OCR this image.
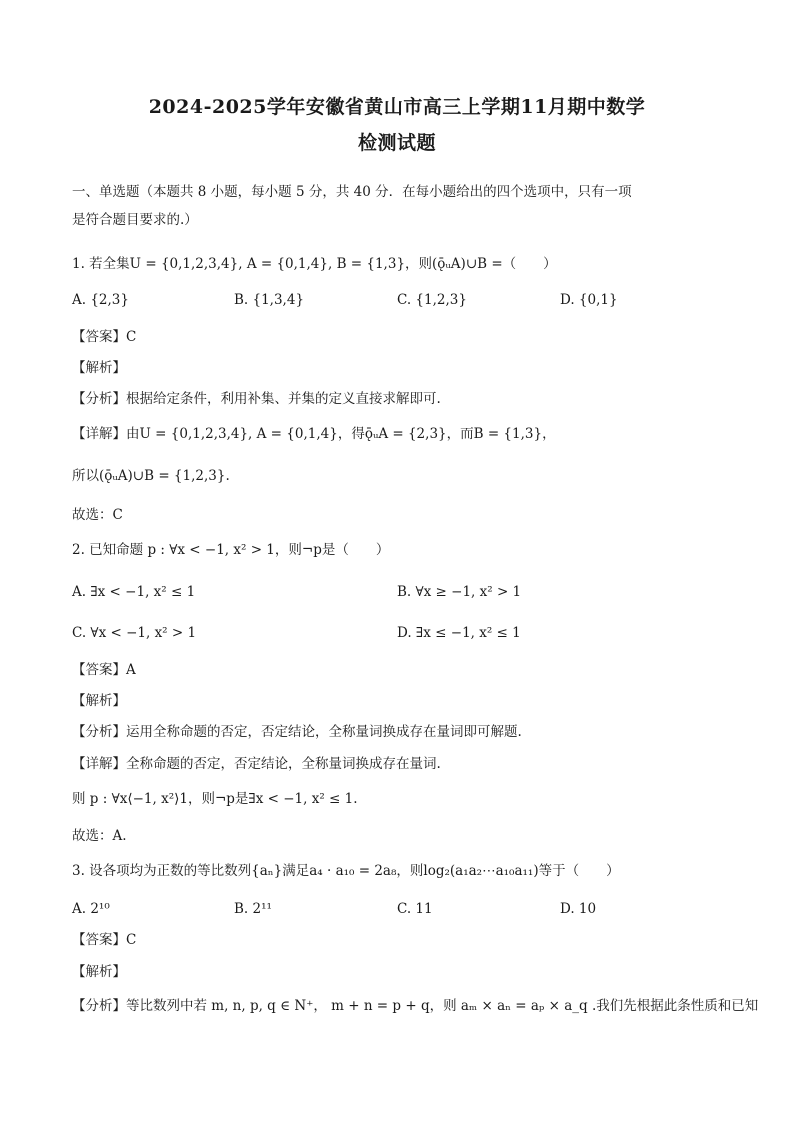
2024-2025学年安徽省黄山市高三上学期11月期中数学
检测试题
一、单选题（本题共 8 小题，每小题 5 分，共 40 分．在每小题给出的四个选项中，只有一项
是符合题目要求的.）
1. 若全集U = {0,1,2,3,4}, A = {0,1,4}, B = {1,3}，则(ǭᵤA)∪B =（　　）
A. {2,3}	B. {1,3,4}	C. {1,2,3}	D. {0,1}
【答案】C
【解析】
【分析】根据给定条件，利用补集、并集的定义直接求解即可.
【详解】由U = {0,1,2,3,4}, A = {0,1,4}，得ǭᵤA = {2,3}，而B = {1,3}，
所以(ǭᵤA)∪B = {1,2,3}.
故选：C
2. 已知命题 p : ∀x < −1, x² > 1，则¬p是（　　）
A. ∃x < −1, x² ≤ 1	B. ∀x ≥ −1, x² > 1
C. ∀x < −1, x² > 1	D. ∃x ≤ −1, x² ≤ 1
【答案】A
【解析】
【分析】运用全称命题的否定，否定结论，全称量词换成存在量词即可解题.
【详解】全称命题的否定，否定结论，全称量词换成存在量词.
则 p : ∀x⟨−1, x²⟩1，则¬p是∃x < −1, x² ≤ 1.
故选：A.
3. 设各项均为正数的等比数列{aₙ}满足a₄ · a₁₀ = 2a₈，则log₂(a₁a₂⋯a₁₀a₁₁)等于（　　）
A. 2¹⁰	B. 2¹¹	C. 11	D. 10
【答案】C
【解析】
【分析】等比数列中若 m, n, p, q ∈ N⁺， m + n = p + q，则 aₘ × aₙ = aₚ × a_q .我们先根据此条性质和已知
